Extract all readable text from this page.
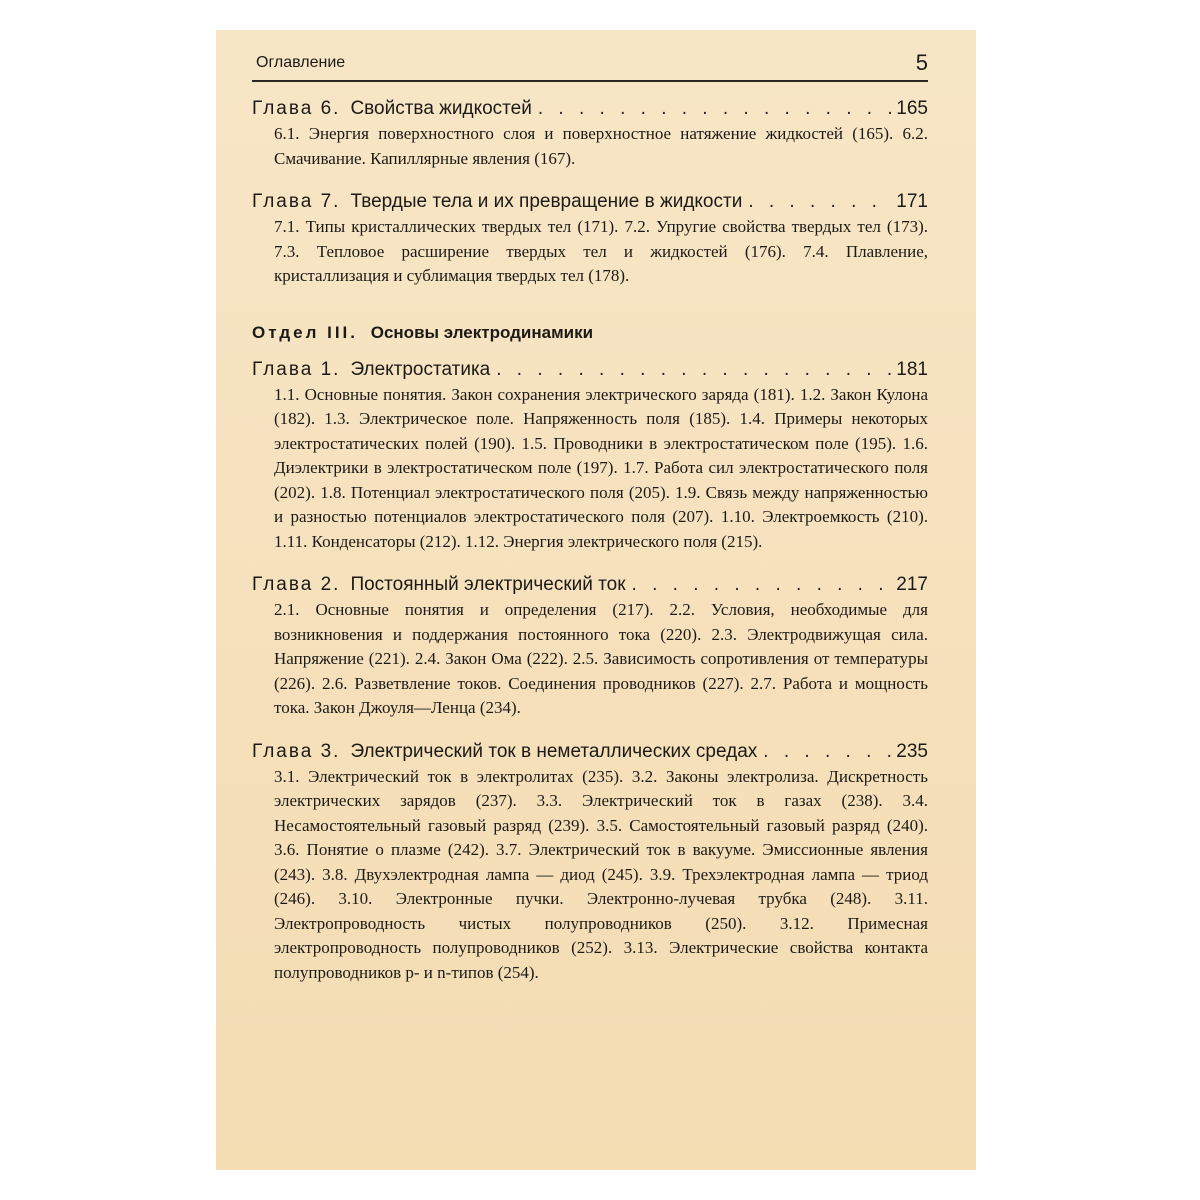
Оглавление	5
Глава 6. Свойства жидкостей . . .	165
6.1. Энергия поверхностного слоя и поверхностное натяжение жидкостей (165). 6.2. Смачивание. Капиллярные явления (167).
Глава 7. Твердые тела и их превращение в жидкости . . .	171
7.1. Типы кристаллических твердых тел (171). 7.2. Упругие свойства твердых тел (173). 7.3. Тепловое расширение твердых тел и жидкостей (176). 7.4. Плавление, кристаллизация и сублимация твердых тел (178).
Отдел III. Основы электродинамики
Глава 1. Электростатика . . .	181
1.1. Основные понятия. Закон сохранения электрического заряда (181). 1.2. Закон Кулона (182). 1.3. Электрическое поле. Напряженность поля (185). 1.4. Примеры некоторых электростатических полей (190). 1.5. Проводники в электростатическом поле (195). 1.6. Диэлектрики в электростатическом поле (197). 1.7. Работа сил электростатического поля (202). 1.8. Потенциал электростатического поля (205). 1.9. Связь между напряженностью и разностью потенциалов электростатического поля (207). 1.10. Электроемкость (210). 1.11. Конденсаторы (212). 1.12. Энергия электрического поля (215).
Глава 2. Постоянный электрический ток . . .	217
2.1. Основные понятия и определения (217). 2.2. Условия, необходимые для возникновения и поддержания постоянного тока (220). 2.3. Электродвижущая сила. Напряжение (221). 2.4. Закон Ома (222). 2.5. Зависимость сопротивления от температуры (226). 2.6. Разветвление токов. Соединения проводников (227). 2.7. Работа и мощность тока. Закон Джоуля—Ленца (234).
Глава 3. Электрический ток в неметаллических средах . . .	235
3.1. Электрический ток в электролитах (235). 3.2. Законы электролиза. Дискретность электрических зарядов (237). 3.3. Электрический ток в газах (238). 3.4. Несамостоятельный газовый разряд (239). 3.5. Самостоятельный газовый разряд (240). 3.6. Понятие о плазме (242). 3.7. Электрический ток в вакууме. Эмиссионные явления (243). 3.8. Двухэлектродная лампа — диод (245). 3.9. Трехэлектродная лампа — триод (246). 3.10. Электронные пучки. Электронно-лучевая трубка (248). 3.11. Электропроводность чистых полупроводников (250). 3.12. Примесная электропроводность полупроводников (252). 3.13. Электрические свойства контакта полупроводников p- и n-типов (254).
